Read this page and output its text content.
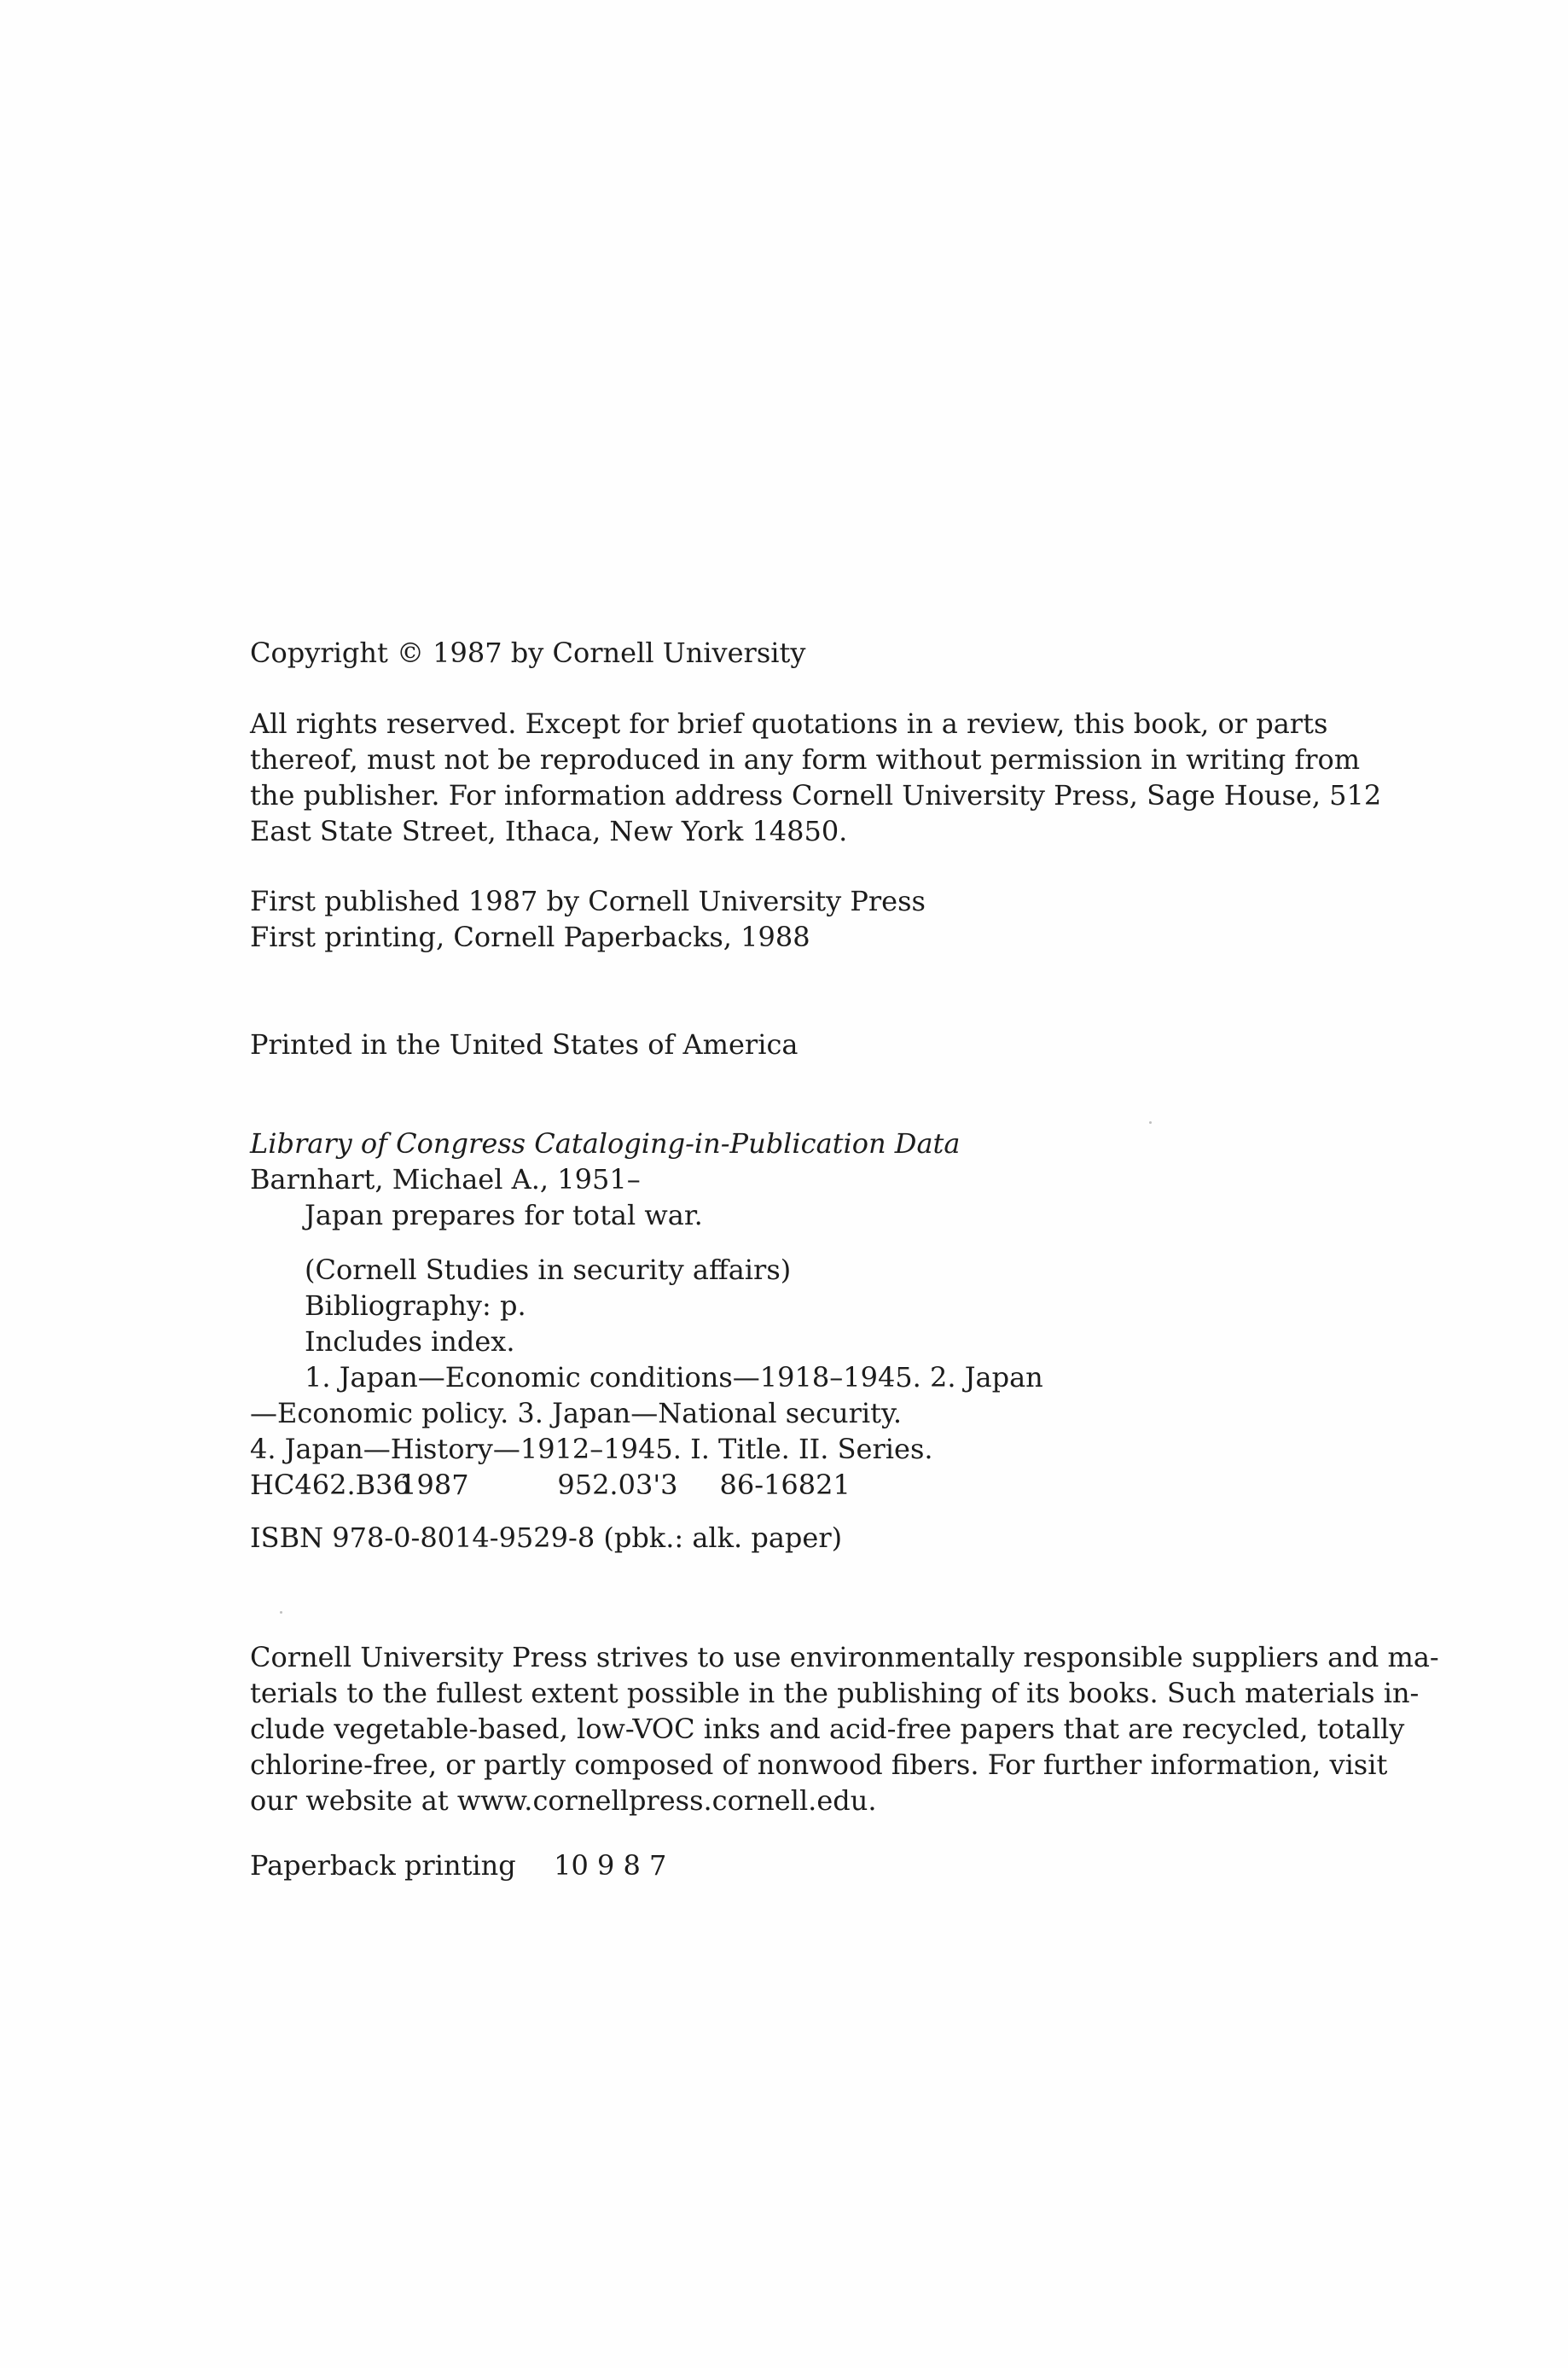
Copyright © 1987 by Cornell University

All rights reserved. Except for brief quotations in a review, this book, or parts

thereof, must not be reproduced in any form without permission in writing from

the publisher. For information address Cornell University Press, Sage House, 512

East State Street, Ithaca, New York 14850.

First published 1987 by Cornell University Press

First printing, Cornell Paperbacks, 1988

Printed in the United States of America

Library of Congress Cataloging-in-Publication Data

Barnhart, Michael A., 1951–

Japan prepares for total war.

(Cornell Studies in security affairs)

Bibliography: p.

Includes index.

1. Japan—Economic conditions—1918–1945. 2. Japan

—Economic policy. 3. Japan—National security.

4. Japan—History—1912–1945. I. Title. II. Series.

HC462.B36 1987	952.03'3 86-16821

ISBN 978-0-8014-9529-8 (pbk.: alk. paper)

Cornell University Press strives to use environmentally responsible suppliers and ma-

terials to the fullest extent possible in the publishing of its books. Such materials in-

clude vegetable-based, low-VOC inks and acid-free papers that are recycled, totally

chlorine-free, or partly composed of nonwood fibers. For further information, visit

our website at www.cornellpress.cornell.edu.

Paperback printing 10 9 8 7
